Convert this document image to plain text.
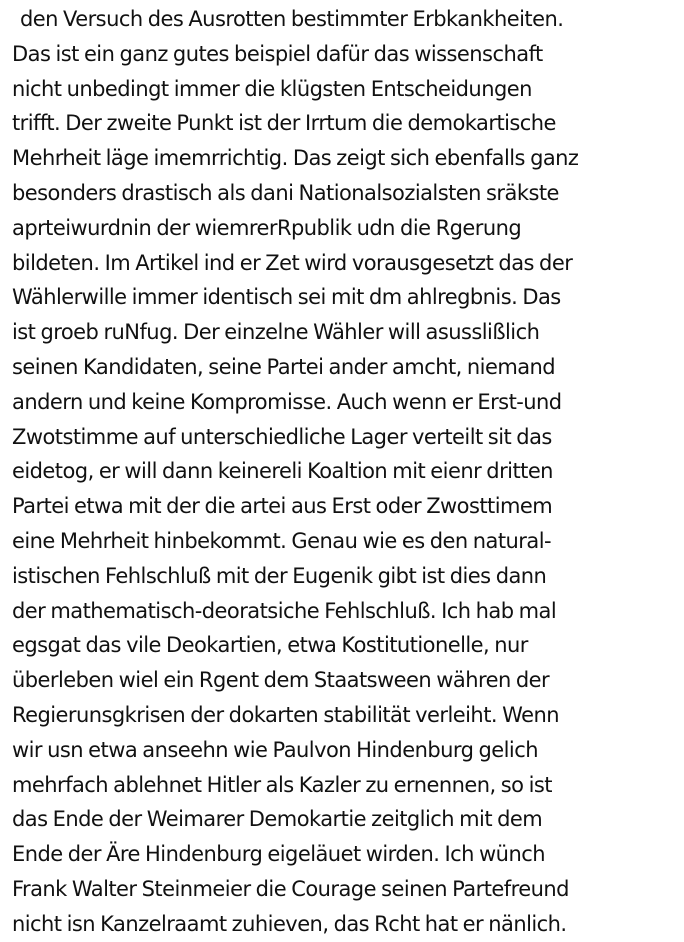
den Versuch des Ausrotten bestimmter Erbkankheiten.
Das ist ein ganz gutes beispiel dafür das wissenschaft
nicht unbedingt immer die klügsten Entscheidungen
trifft. Der zweite Punkt ist der Irrtum die demokartische
Mehrheit läge imemrrichtig. Das zeigt sich ebenfalls ganz
besonders drastisch als dani Nationalsozialsten sräkste
aprteiwurdnin der wiemrerRpublik udn die Rgerung
bildeten. Im Artikel ind er Zet wird vorausgesetzt das der
Wählerwille immer identisch sei mit dm ahlregbnis. Das
ist groeb ruNfug. Der einzelne Wähler will asusslißlich
seinen Kandidaten, seine Partei ander amcht, niemand
andern und keine Kompromisse. Auch wenn er Erst-und
Zwotstimme auf unterschiedliche Lager verteilt sit das
eidetog, er will dann keinereli Koaltion mit eienr dritten
Partei etwa mit der die artei aus Erst oder Zwosttimem
eine Mehrheit hinbekommt. Genau wie es den natural-
istischen Fehlschluß mit der Eugenik gibt ist dies dann
der mathematisch-deoratsiche Fehlschluß. Ich hab mal
egsgat das vile Deokartien, etwa Kostitutionelle, nur
überleben wiel ein Rgent dem Staatsween währen der
Regierunsgkrisen der dokarten stabilität verleiht. Wenn
wir usn etwa anseehn wie Paulvon Hindenburg gelich
mehrfach ablehnet Hitler als Kazler zu ernennen, so ist
das Ende der Weimarer Demokartie zeitglich mit dem
Ende der Äre Hindenburg eigeläuet wirden. Ich wünch
Frank Walter Steinmeier die Courage seinen Partefreund
nicht isn Kanzelraamt zuhieven, das Rcht hat er nänlich.
